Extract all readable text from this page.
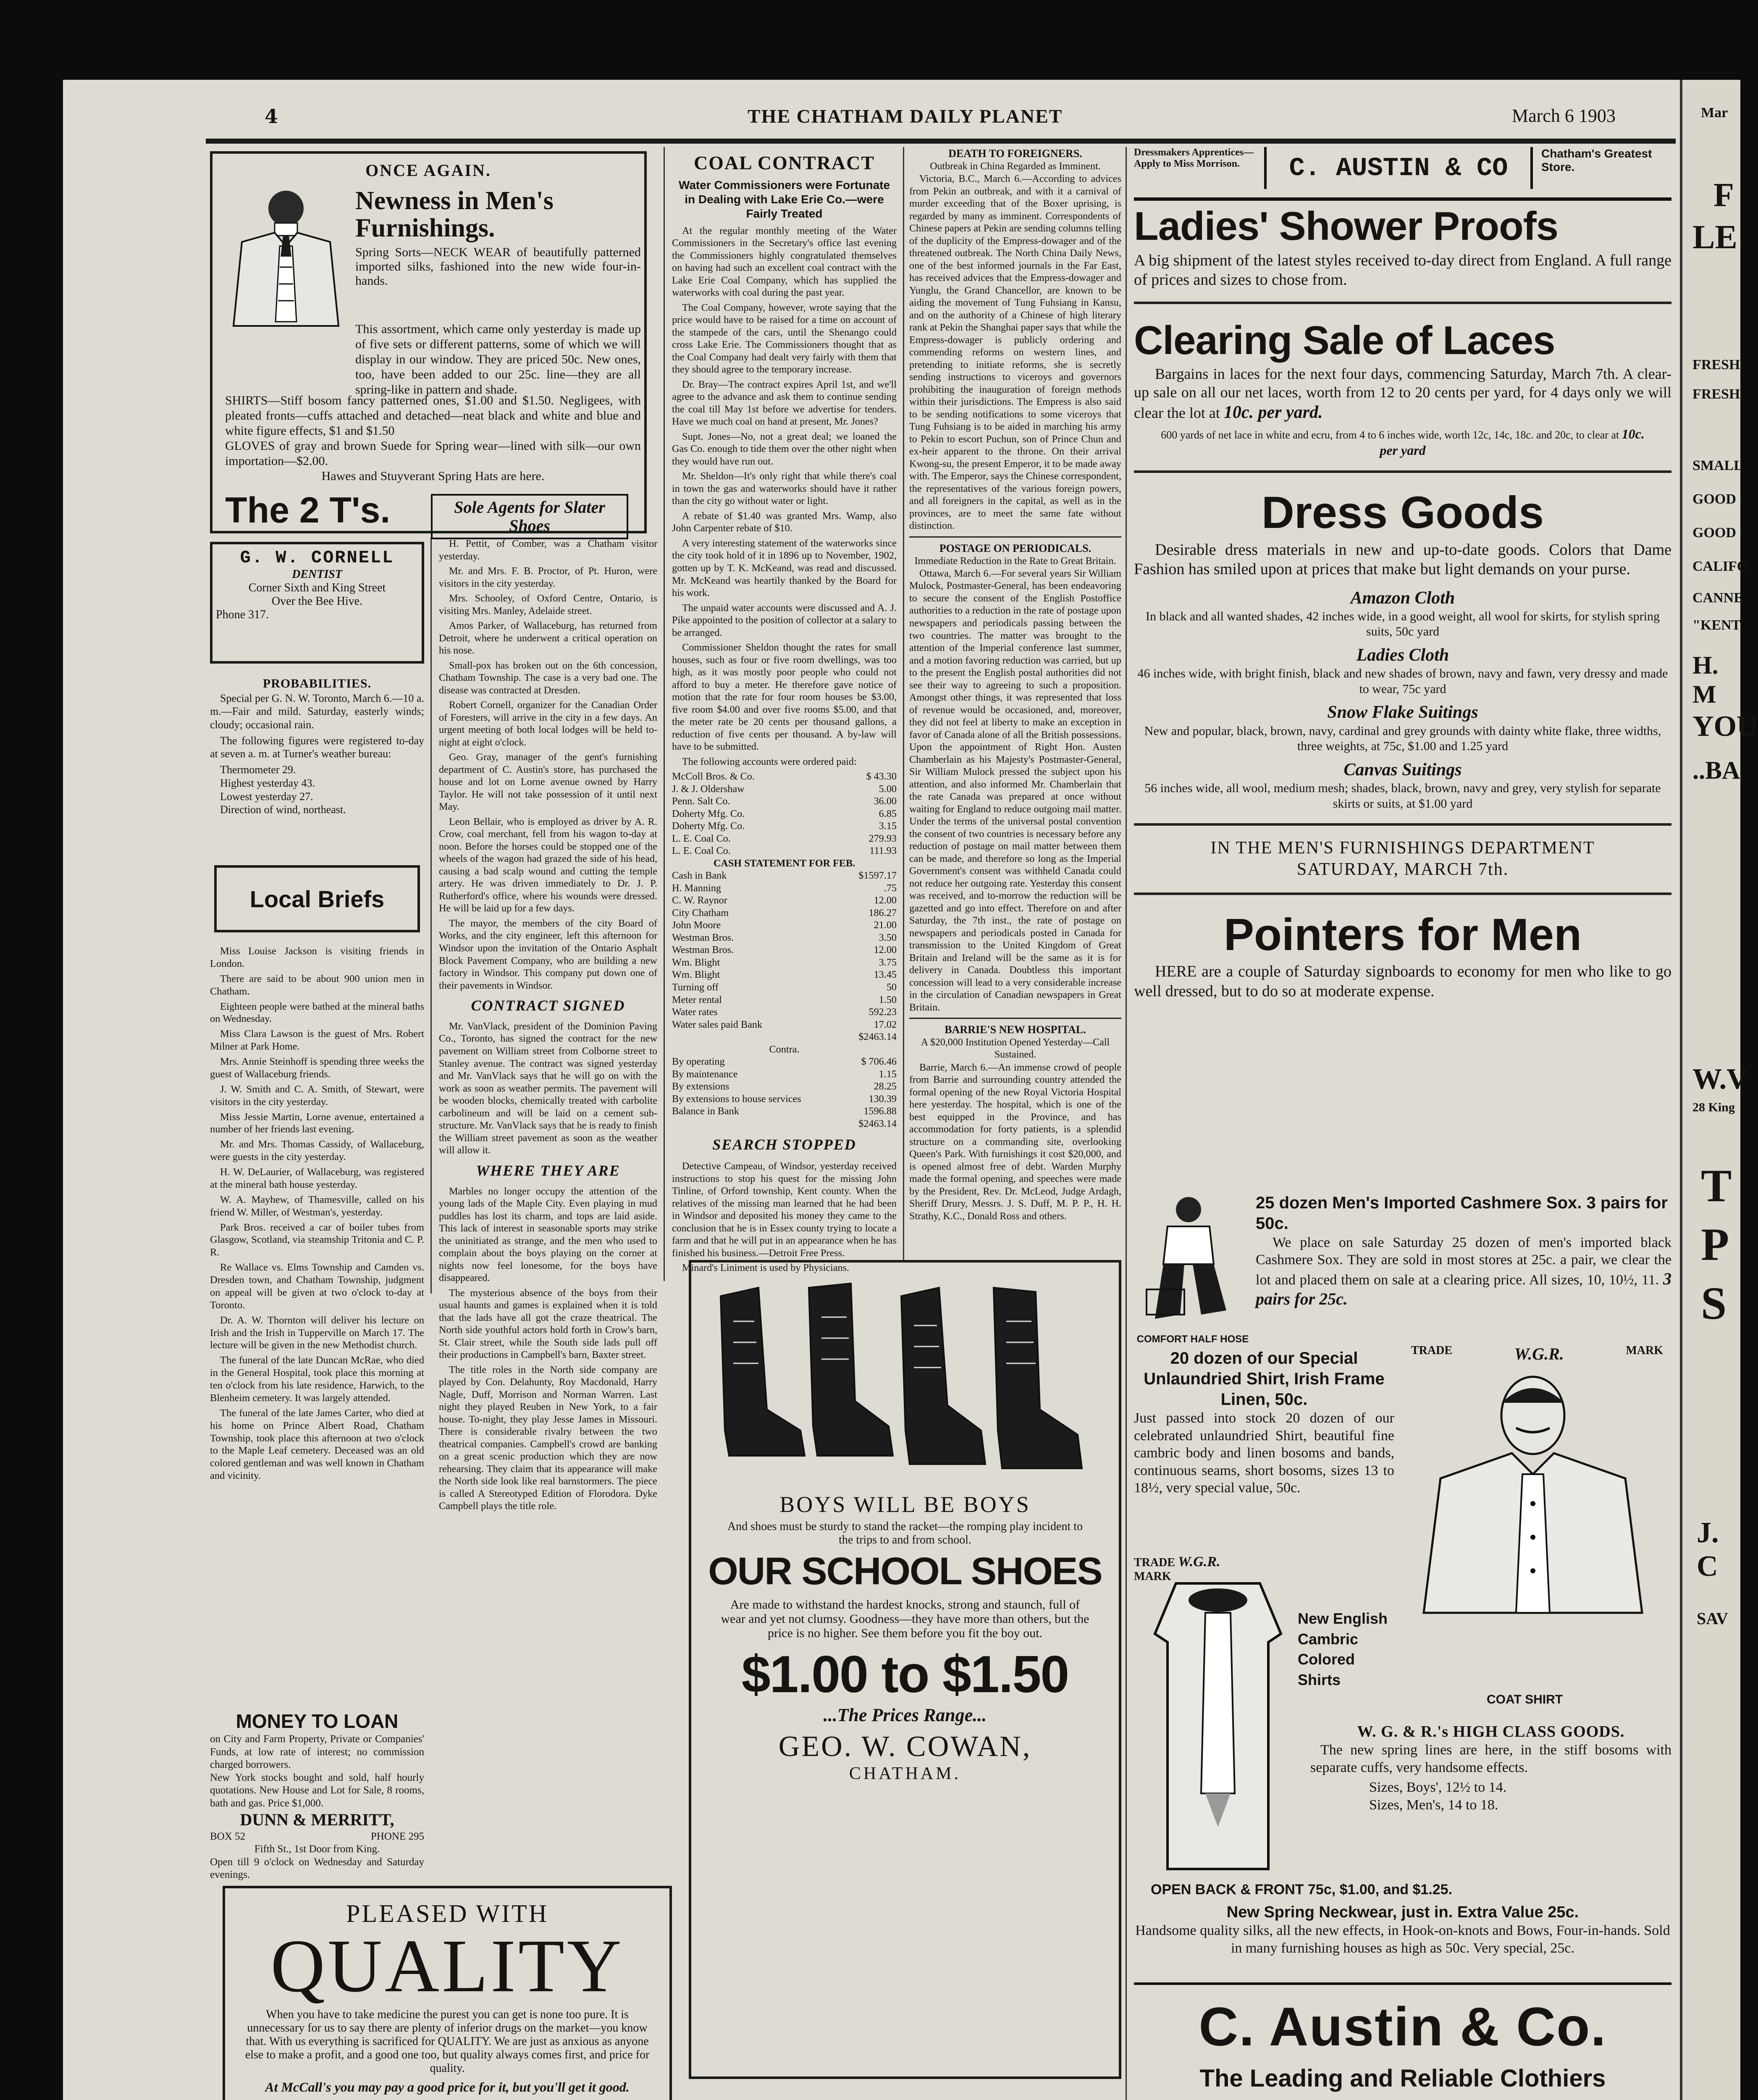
4	THE CHATHAM DAILY PLANET	March 6 1903
ONCE AGAIN.
Newness in Men's
Furnishings.
Spring Sorts—NECK WEAR of beautifully patterned imported silks, fashioned into the new wide four-in-hands.
This assortment, which came only yesterday is made up of five sets or different patterns, some of which we will display in our window. They are priced 50c. New ones, too, have been added to our 25c. line—they are all spring-like in pattern and shade.
SHIRTS—Stiff bosom fancy patterned ones, $1.00 and $1.50. Negligees, with pleated fronts—cuffs attached and detached—neat black and white and blue and white figure effects, $1 and $1.50
GLOVES of gray and brown Suede for Spring wear—lined with silk—our own importation—$2.00.
Hawes and Stuyverant Spring Hats are here.
The 2 T's.	Sole Agents for Slater Shoes
G. W. CORNELL
DENTIST
Corner Sixth and King Street
Over the Bee Hive.
Phone 317.
PROBABILITIES.

Special per G. N. W. Toronto, March 6.—10 a. m.—Fair and mild. Saturday, easterly winds; cloudy; occasional rain.

The following figures were registered to-day at seven a. m. at Turner's weather bureau:

Thermometer 29.
Highest yesterday 43.
Lowest yesterday 27.
Direction of wind, northeast.
Local Briefs

Miss Louise Jackson is visiting friends in London.

There are said to be about 900 union men in Chatham.

Eighteen people were bathed at the mineral baths on Wednesday.

Miss Clara Lawson is the guest of Mrs. Robert Milner at Park Home.

Mrs. Annie Steinhoff is spending three weeks the guest of Wallaceburg friends.

J. W. Smith and C. A. Smith, of Stewart, were visitors in the city yesterday.

Miss Jessie Martin, Lorne avenue, entertained a number of her friends last evening.

Mr. and Mrs. Thomas Cassidy, of Wallaceburg, were guests in the city yesterday.

H. W. DeLaurier, of Wallaceburg, was registered at the mineral bath house yesterday.

W. A. Mayhew, of Thamesville, called on his friend W. Miller, of Westman's, yesterday.

Park Bros. received a car of boiler tubes from Glasgow, Scotland, via steamship Tritonia and C. P. R.

Re Wallace vs. Elms Township and Camden vs. Dresden town, and Chatham Township, judgment on appeal will be given at two o'clock to-day at Toronto.

Dr. A. W. Thornton will deliver his lecture on Irish and the Irish in Tupperville on March 17. The lecture will be given in the new Methodist church.

The funeral of the late Duncan McRae, who died in the General Hospital, took place this morning at ten o'clock from his late residence, Harwich, to the Blenheim cemetery. It was largely attended.

The funeral of the late James Carter, who died at his home on Prince Albert Road, Chatham Township, took place this afternoon at two o'clock to the Maple Leaf cemetery. Deceased was an old colored gentleman and was well known in Chatham and vicinity.

MONEY TO LOAN
on City and Farm Property, Private or Companies' Funds, at low rate of interest; no commission charged borrowers.
New York stocks bought and sold, half hourly quotations. New House and Lot for Sale, 8 rooms, bath and gas. Price $1,000.
DUNN & MERRITT,
BOX 52	PHONE 295
Fifth St., 1st Door from King.
Open till 9 o'clock on Wednesday and Saturday evenings.

H. Pettit, of Comber, was a Chatham visitor yesterday.

Mr. and Mrs. F. B. Proctor, of Pt. Huron, were visitors in the city yesterday.

Mrs. Schooley, of Oxford Centre, Ontario, is visiting Mrs. Manley, Adelaide street.

Amos Parker, of Wallaceburg, has returned from Detroit, where he underwent a critical operation on his nose.

Small-pox has broken out on the 6th concession, Chatham Township. The case is a very bad one. The disease was contracted at Dresden.

Robert Cornell, organizer for the Canadian Order of Foresters, will arrive in the city in a few days. An urgent meeting of both local lodges will be held to-night at eight o'clock.

Geo. Gray, manager of the gent's furnishing department of C. Austin's store, has purchased the house and lot on Lorne avenue owned by Harry Taylor. He will not take possession of it until next May.

Leon Bellair, who is employed as driver by A. R. Crow, coal merchant, fell from his wagon to-day at noon. Before the horses could be stopped one of the wheels of the wagon had grazed the side of his head, causing a bad scalp wound and cutting the temple artery. He was driven immediately to Dr. J. P. Rutherford's office, where his wounds were dressed. He will be laid up for a few days.

The mayor, the members of the city Board of Works, and the city engineer, left this afternoon for Windsor upon the invitation of the Ontario Asphalt Block Pavement Company, who are building a new factory in Windsor. This company put down one of their pavements in Windsor.

CONTRACT SIGNED

Mr. VanVlack, president of the Dominion Paving Co., Toronto, has signed the contract for the new pavement on William street from Colborne street to Stanley avenue. The contract was signed yesterday and Mr. VanVlack says that he will go on with the work as soon as weather permits. The pavement will be wooden blocks, chemically treated with carbolite carbolineum and will be laid on a cement sub-structure. Mr. VanVlack says that he is ready to finish the William street pavement as soon as the weather will allow it.

WHERE THEY ARE

Marbles no longer occupy the attention of the young lads of the Maple City. Even playing in mud puddles has lost its charm, and tops are laid aside. This lack of interest in seasonable sports may strike the uninitiated as strange, and the men who used to complain about the boys playing on the corner at nights now feel lonesome, for the boys have disappeared.

The mysterious absence of the boys from their usual haunts and games is explained when it is told that the lads have all got the craze theatrical. The North side youthful actors hold forth in Crow's barn, St. Clair street, while the South side lads pull off their productions in Campbell's barn, Baxter street.

The title roles in the North side company are played by Con. Delahunty, Roy Macdonald, Harry Nagle, Duff, Morrison and Norman Warren. Last night they played Reuben in New York, to a fair house. To-night, they play Jesse James in Missouri. There is considerable rivalry between the two theatrical companies. Campbell's crowd are banking on a great scenic production which they are now rehearsing. They claim that its appearance will make the North side look like real barnstormers. The piece is called A Stereotyped Edition of Florodora. Dyke Campbell plays the title role.

COAL CONTRACT
Water Commissioners were Fortunate in Dealing with Lake Erie Co.—were Fairly Treated

At the regular monthly meeting of the Water Commissioners in the Secretary's office last evening the Commissioners highly congratulated themselves on having had such an excellent coal contract with the Lake Erie Coal Company, which has supplied the waterworks with coal during the past year.

The Coal Company, however, wrote saying that the price would have to be raised for a time on account of the stampede of the cars, until the Shenango could cross Lake Erie. The Commissioners thought that as the Coal Company had dealt very fairly with them that they should agree to the temporary increase.

Dr. Bray—The contract expires April 1st, and we'll agree to the advance and ask them to continue sending the coal till May 1st before we advertise for tenders. Have we much coal on hand at present, Mr. Jones?

Supt. Jones—No, not a great deal; we loaned the Gas Co. enough to tide them over the other night when they would have run out.

Mr. Sheldon—It's only right that while there's coal in town the gas and waterworks should have it rather than the city go without water or light.

A rebate of $1.40 was granted Mrs. Wamp, also John Carpenter rebate of $10.

A very interesting statement of the waterworks since the city took hold of it in 1896 up to November, 1902, gotten up by T. K. McKeand, was read and discussed. Mr. McKeand was heartily thanked by the Board for his work.

The unpaid water accounts were discussed and A. J. Pike appointed to the position of collector at a salary to be arranged.

Commissioner Sheldon thought the rates for small houses, such as four or five room dwellings, was too high, as it was mostly poor people who could not afford to buy a meter. He therefore gave notice of motion that the rate for four room houses be $3.00, five room $4.00 and over five rooms $5.00, and that the meter rate be 20 cents per thousand gallons, a reduction of five cents per thousand. A by-law will have to be submitted.

The following accounts were ordered paid:

McColl Bros. & Co.	$ 43.30
J. & J. Oldershaw	5.00
Penn. Salt Co.	36.00
Doherty Mfg. Co.	6.85
Doherty Mfg. Co.	3.15
L. E. Coal Co.	279.93
L. E. Coal Co.	111.93
CASH STATEMENT FOR FEB.
Cash in Bank	$1597.17
H. Manning	.75
C. W. Raynor	12.00
City Chatham	186.27
John Moore	21.00
Westman Bros.	3.50
Westman Bros.	12.00
Wm. Blight	3.75
Wm. Blight	13.45
Turning off	50
Meter rental	1.50
Water rates	592.23
Water sales paid Bank	17.02
$2463.14
Contra.
By operating	$ 706.46
By maintenance	1.15
By extensions	28.25
By extensions to house services	130.39
Balance in Bank	1596.88
$2463.14
SEARCH STOPPED

Detective Campeau, of Windsor, yesterday received instructions to stop his quest for the missing John Tinline, of Orford township, Kent county. When the relatives of the missing man learned that he had been in Windsor and deposited his money they came to the conclusion that he is in Essex county trying to locate a farm and that he will put in an appearance when he has finished his business.—Detroit Free Press.

Minard's Liniment is used by Physicians.

DEATH TO FOREIGNERS.
Outbreak in China Regarded as Imminent.

Victoria, B.C., March 6.—According to advices from Pekin an outbreak, and with it a carnival of murder exceeding that of the Boxer uprising, is regarded by many as imminent. Correspondents of Chinese papers at Pekin are sending columns telling of the duplicity of the Empress-dowager and of the threatened outbreak. The North China Daily News, one of the best informed journals in the Far East, has received advices that the Empress-dowager and Yunglu, the Grand Chancellor, are known to be aiding the movement of Tung Fuhsiang in Kansu, and on the authority of a Chinese of high literary rank at Pekin the Shanghai paper says that while the Empress-dowager is publicly ordering and commending reforms on western lines, and pretending to initiate reforms, she is secretly sending instructions to viceroys and governors prohibiting the inauguration of foreign methods within their jurisdictions. The Empress is also said to be sending notifications to some viceroys that Tung Fuhsiang is to be aided in marching his army to Pekin to escort Puchun, son of Prince Chun and ex-heir apparent to the throne. On their arrival Kwong-su, the present Emperor, it to be made away with. The Emperor, says the Chinese correspondent, the representatives of the various foreign powers, and all foreigners in the capital, as well as in the provinces, are to meet the same fate without distinction.

POSTAGE ON PERIODICALS.
Immediate Reduction in the Rate to Great Britain.

Ottawa, March 6.—For several years Sir William Mulock, Postmaster-General, has been endeavoring to secure the consent of the English Postoffice authorities to a reduction in the rate of postage upon newspapers and periodicals passing between the two countries. The matter was brought to the attention of the Imperial conference last summer, and a motion favoring reduction was carried, but up to the present the English postal authorities did not see their way to agreeing to such a proposition. Amongst other things, it was represented that loss of revenue would be occasioned, and, moreover, they did not feel at liberty to make an exception in favor of Canada alone of all the British possessions. Upon the appointment of Right Hon. Austen Chamberlain as his Majesty's Postmaster-General, Sir William Mulock pressed the subject upon his attention, and also informed Mr. Chamberlain that the rate Canada was prepared at once without waiting for England to reduce outgoing mail matter. Under the terms of the universal postal convention the consent of two countries is necessary before any reduction of postage on mail matter between them can be made, and therefore so long as the Imperial Government's consent was withheld Canada could not reduce her outgoing rate. Yesterday this consent was received, and to-morrow the reduction will be gazetted and go into effect. Therefore on and after Saturday, the 7th inst., the rate of postage on newspapers and periodicals posted in Canada for transmission to the United Kingdom of Great Britain and Ireland will be the same as it is for delivery in Canada. Doubtless this important concession will lead to a very considerable increase in the circulation of Canadian newspapers in Great Britain.

BARRIE'S NEW HOSPITAL.
A $20,000 Institution Opened Yesterday—Call Sustained.

Barrie, March 6.—An immense crowd of people from Barrie and surrounding country attended the formal opening of the new Royal Victoria Hospital here yesterday. The hospital, which is one of the best equipped in the Province, and has accommodation for forty patients, is a splendid structure on a commanding site, overlooking Queen's Park. With furnishings it cost $20,000, and is opened almost free of debt. Warden Murphy made the formal opening, and speeches were made by the President, Rev. Dr. McLeod, Judge Ardagh, Sheriff Drury, Messrs. J. S. Duff, M. P. P., H. H. Strathy, K.C., Donald Ross and others.

BOYS WILL BE BOYS
And shoes must be sturdy to stand the racket—the romping play incident to the trips to and from school.
OUR SCHOOL SHOES
Are made to withstand the hardest knocks, strong and staunch, full of wear and yet not clumsy. Goodness—they have more than others, but the price is no higher. See them before you fit the boy out.
$1.00 to $1.50
...The Prices Range...
GEO. W. COWAN,
CHATHAM.
PLEASED WITH
QUALITY
When you have to take medicine the purest you can get is none too pure. It is unnecessary for us to say there are plenty of inferior drugs on the market—you know that. With us everything is sacrificed for QUALITY. We are just as anxious as anyone else to make a profit, and a good one too, but quality always comes first, and price for quality.
At McCall's you may pay a good price for it, but you'll get it good.
Dressmakers Apprentices—Apply to Miss Morrison.	C. AUSTIN & CO	Chatham's Greatest Store.
Ladies' Shower Proofs
A big shipment of the latest styles received to-day direct from England. A full range of prices and sizes to chose from.
Clearing Sale of Laces
Bargains in laces for the next four days, commencing Saturday, March 7th. A clear-up sale on all our net laces, worth from 12 to 20 cents per yard, for 4 days only we will clear the lot at 10c. per yard.
600 yards of net lace in white and ecru, from 4 to 6 inches wide, worth 12c, 14c, 18c. and 20c, to clear at 10c. per yard
Dress Goods
Desirable dress materials in new and up-to-date goods. Colors that Dame Fashion has smiled upon at prices that make but light demands on your purse.
Amazon Cloth
In black and all wanted shades, 42 inches wide, in a good weight, all wool for skirts, for stylish spring suits, 50c yard
Ladies Cloth
46 inches wide, with bright finish, black and new shades of brown, navy and fawn, very dressy and made to wear, 75c yard
Snow Flake Suitings
New and popular, black, brown, navy, cardinal and grey grounds with dainty white flake, three widths, three weights, at 75c, $1.00 and 1.25 yard
Canvas Suitings
56 inches wide, all wool, medium mesh; shades, black, brown, navy and grey, very stylish for separate skirts or suits, at $1.00 yard
IN THE MEN'S FURNISHINGS DEPARTMENT
SATURDAY, MARCH 7th.
Pointers for Men
HERE are a couple of Saturday signboards to economy for men who like to go well dressed, but to do so at moderate expense.
COMFORT HALF HOSE
25 dozen Men's Imported Cashmere Sox. 3 pairs for 50c.
We place on sale Saturday 25 dozen of men's imported black Cashmere Sox. They are sold in most stores at 25c. a pair, we clear the lot and placed them on sale at a clearing price. All sizes, 10, 10½, 11. 3 pairs for 25c.
20 dozen of our Special Unlaundried Shirt, Irish Frame Linen, 50c.
Just passed into stock 20 dozen of our celebrated unlaundried Shirt, beautiful fine cambric body and linen bosoms and bands, continuous seams, short bosoms, sizes 13 to 18½, very special value, 50c.
TRADE	W.G.R.	MARK
TRADE W.G.R. MARK
New English Cambric Colored Shirts
COAT SHIRT
W. G. & R.'s HIGH CLASS GOODS.

The new spring lines are here, in the stiff bosoms with separate cuffs, very handsome effects.

Sizes, Boys', 12½ to 14.
Sizes, Men's, 14 to 18.
OPEN BACK & FRONT 75c, $1.00, and $1.25.
New Spring Neckwear, just in. Extra Value 25c.
Handsome quality silks, all the new effects, in Hook-on-knots and Bows, Four-in-hands. Sold in many furnishing houses as high as 50c. Very special, 25c.
C. Austin & Co.
The Leading and Reliable Clothiers
Mar
F
LE
FRESH
FRESH
SMALL
GOOD
GOOD
CALIFO
CANNE
"KENT
H. M
YOU
..BA
W.V
28 King
T
P
S
J. C
SAV
